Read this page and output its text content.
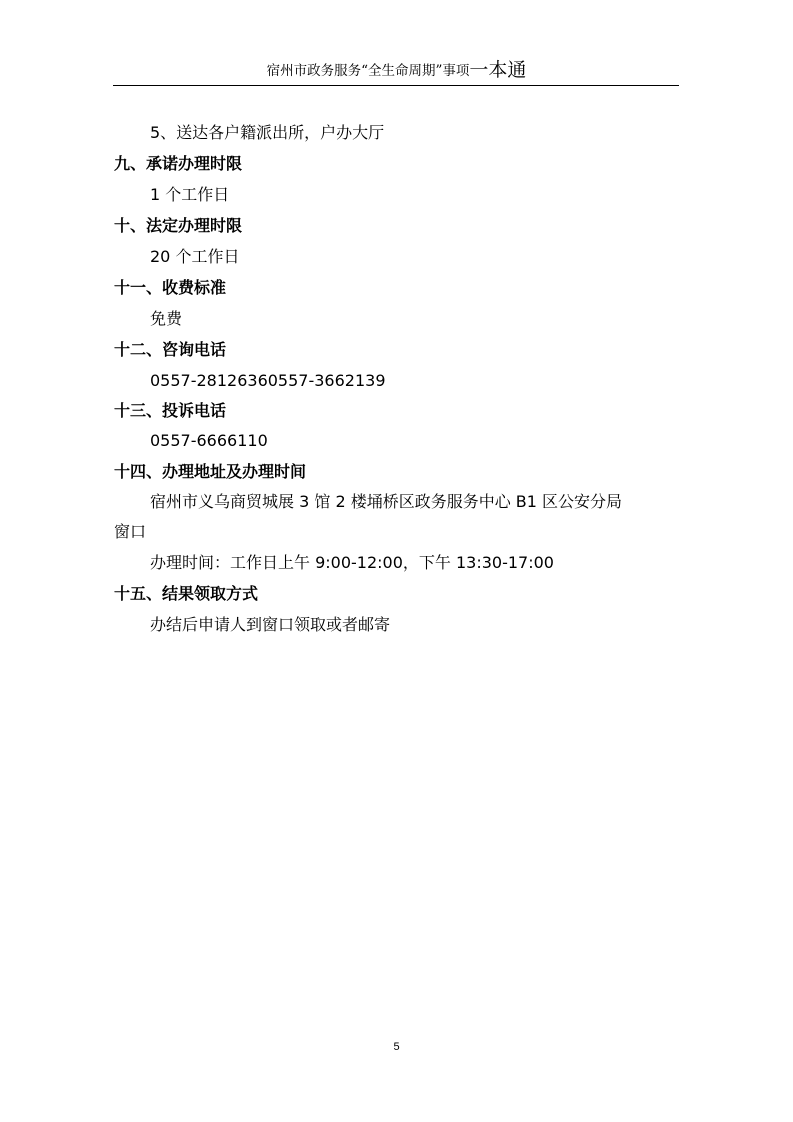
宿州市政务服务“全生命周期”事项一本通
5、送达各户籍派出所，户办大厅
九、承诺办理时限
1 个工作日
十、法定办理时限
20 个工作日
十一、收费标准
免费
十二、咨询电话
0557-28126360557-3662139
十三、投诉电话
0557-6666110
十四、办理地址及办理时间
宿州市义乌商贸城展 3 馆 2 楼埇桥区政务服务中心 B1 区公安分局
窗口
办理时间：工作日上午 9:00-12:00，下午 13:30-17:00
十五、结果领取方式
办结后申请人到窗口领取或者邮寄
5
